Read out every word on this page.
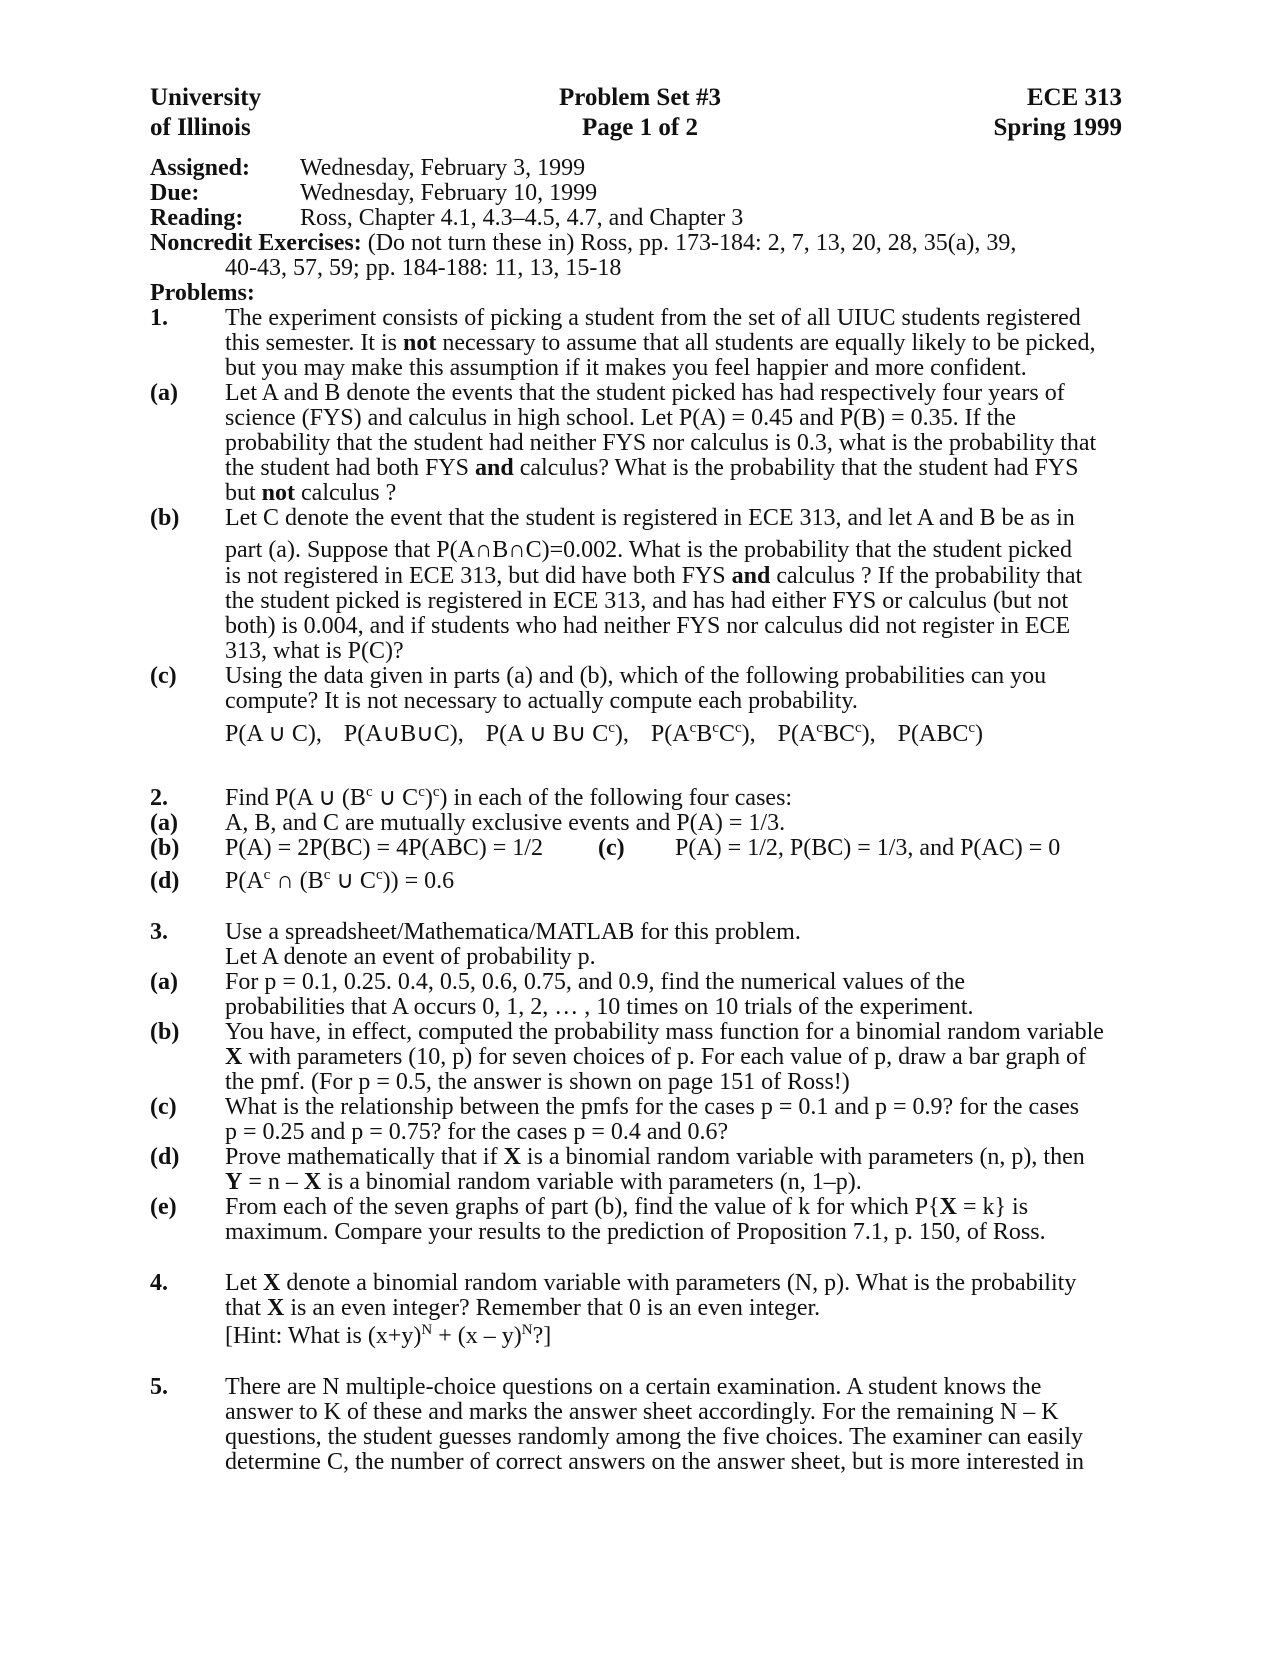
University
of Illinois
Problem Set #3
Page 1 of 2
ECE 313
Spring 1999
Assigned: Wednesday, February 3, 1999
Due:	Wednesday, February 10, 1999
Reading: Ross, Chapter 4.1, 4.3–4.5, 4.7, and Chapter 3
Noncredit Exercises: (Do not turn these in) Ross, pp. 173-184: 2, 7, 13, 20, 28, 35(a), 39,
40-43, 57, 59; pp. 184-188: 11, 13, 15-18
Problems:
1. The experiment consists of picking a student from the set of all UIUC students registered
this semester. It is not necessary to assume that all students are equally likely to be picked,
but you may make this assumption if it makes you feel happier and more confident.
(a) Let A and B denote the events that the student picked has had respectively four years of
science (FYS) and calculus in high school. Let P(A) = 0.45 and P(B) = 0.35. If the
probability that the student had neither FYS nor calculus is 0.3, what is the probability that
the student had both FYS and calculus? What is the probability that the student had FYS
but not calculus ?
(b) Let C denote the event that the student is registered in ECE 313, and let A and B be as in
part (a). Suppose that P(A∩B∩C)=0.002. What is the probability that the student picked
is not registered in ECE 313, but did have both FYS and calculus ? If the probability that
the student picked is registered in ECE 313, and has had either FYS or calculus (but not
both) is 0.004, and if students who had neither FYS nor calculus did not register in ECE
313, what is P(C)?
(c) Using the data given in parts (a) and (b), which of the following probabilities can you
compute? It is not necessary to actually compute each probability.
P(A ∪ C), P(A∪B∪C), P(A ∪ B∪ $C^c$), $P(A^cB^cC^c)$, $P(A^cBC^c)$, P(ABC$^c$)
2. Find P(A ∪ ($B^c$ ∪ $C^c)^c$) in each of the following four cases:
(a) A, B, and C are mutually exclusive events and P(A) = 1/3.
(b) P(A) = 2P(BC) = 4P(ABC) = 1/2 (c) P(A) = 1/2, P(BC) = 1/3, and P(AC) = 0
(d) $P(A^c$ ∩ ($B^c$ ∪ $C^c)) = 0.6$
3. Use a spreadsheet/Mathematica/MATLAB for this problem.
Let A denote an event of probability p.
(a) For p = 0.1, 0.25. 0.4, 0.5, 0.6, 0.75, and 0.9, find the numerical values of the
probabilities that A occurs 0, 1, 2, … , 10 times on 10 trials of the experiment.
(b) You have, in effect, computed the probability mass function for a binomial random variable
X with parameters (10, p) for seven choices of p. For each value of p, draw a bar graph of
the pmf. (For p = 0.5, the answer is shown on page 151 of Ross!)
(c) What is the relationship between the pmfs for the cases p = 0.1 and p = 0.9? for the cases
p = 0.25 and p = 0.75? for the cases p = 0.4 and 0.6?
(d) Prove mathematically that if X is a binomial random variable with parameters (n, p), then
Y = n – X is a binomial random variable with parameters (n, 1–p).
(e) From each of the seven graphs of part (b), find the value of k for which P{X = k} is
maximum. Compare your results to the prediction of Proposition 7.1, p. 150, of Ross.
4. Let X denote a binomial random variable with parameters (N, p). What is the probability
that X is an even integer? Remember that 0 is an even integer.
[Hint: What is $(x+y)^N + (x$ – y)$^N$?]
5. There are N multiple-choice questions on a certain examination. A student knows the
answer to K of these and marks the answer sheet accordingly. For the remaining N – K
questions, the student guesses randomly among the five choices. The examiner can easily
determine C, the number of correct answers on the answer sheet, but is more interested in
